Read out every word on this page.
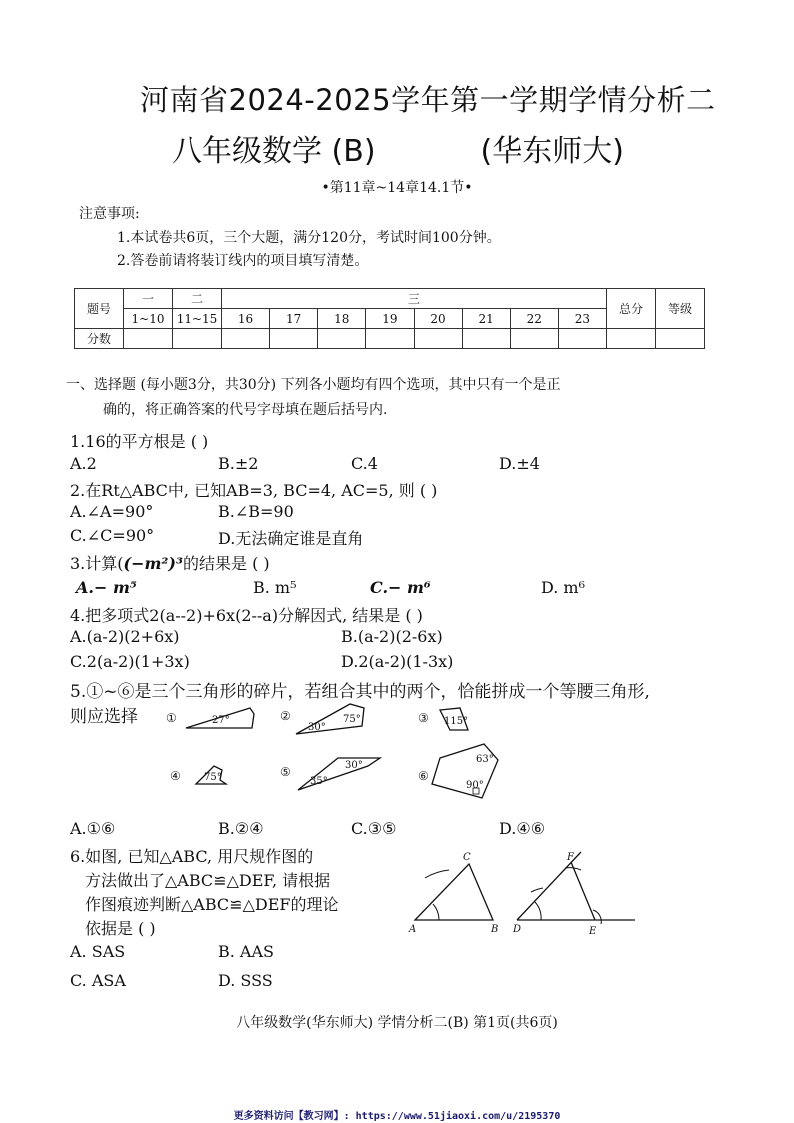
河南省2024-2025学年第一学期学情分析二
八年级数学 (B)	(华东师大)
•第11章~14章14.1节•
注意事项:
1.本试卷共6页，三个大题，满分120分，考试时间100分钟。
2.答卷前请将装订线内的项目填写清楚。
题号	一	二	三								总分	等级
	1~10	11~15	16	17	18	19	20	21	22	23		
分数												
一、选择题 (每小题3分，共30分) 下列各小题均有四个选项，其中只有一个是正
确的，将正确答案的代号字母填在题后括号内.
1.16的平方根是 ( )
A.2	B.±2	C.4	D.±4
2.在Rt△ABC中, 已知AB=3, BC=4, AC=5, 则 ( )
A.∠A=90°	B.∠B=90
C.∠C=90°	D.无法确定谁是直角
3.计算((−m²)³的结果是 ( )
A.− m⁵	B. m⁵	C.− m⁶	D. m⁶
4.把多项式2(a--2)+6x(2--a)分解因式, 结果是 ( )
A.(a-2)(2+6x)	B.(a-2)(2-6x)
C.2(a-2)(1+3x)	D.2(a-2)(1-3x)
5.①~⑥是三个三角形的碎片，若组合其中的两个，恰能拼成一个等腰三角形,
则应选择 ①	27°	②
30°
75°	③ 115°
④ 75°	⑤
35°
30°
⑥
63°
90°
A.①⑥	B.②④	C.③⑤	D.④⑥
6.如图, 已知△ABC, 用尺规作图的
方法做出了△ABC≌△DEF, 请根据
作图痕迹判断△ABC≌△DEF的理论
依据是 ( )	A	B
C
D	E
F
A. SAS	B. AAS
C. ASA	D. SSS
八年级数学(华东师大) 学情分析二(B) 第1页(共6页)
更多资料访问【教习网】: https://www.51jiaoxi.com/u/2195370
